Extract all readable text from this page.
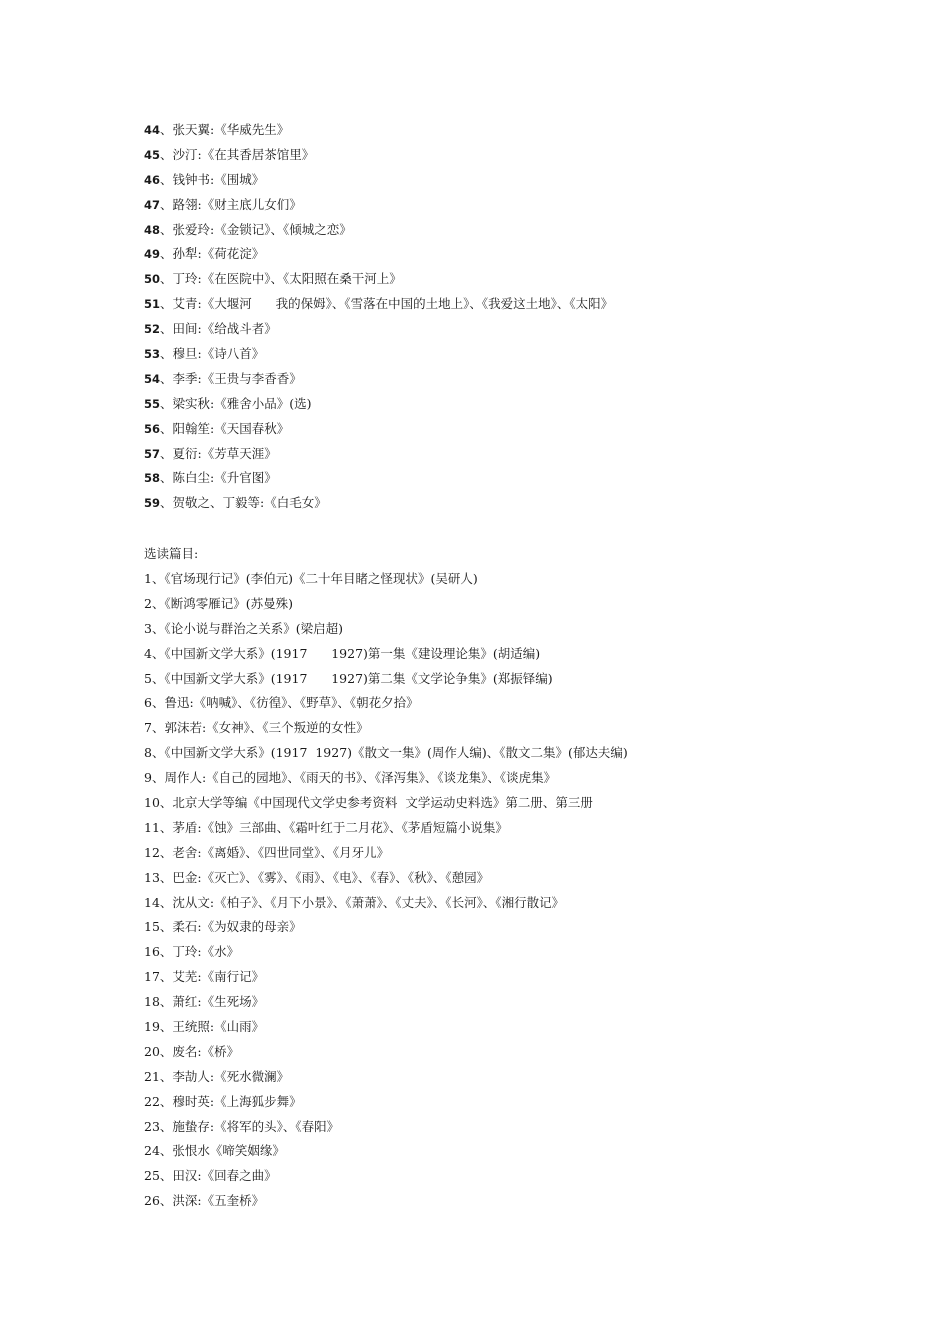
44、张天翼:《华威先生》
45、沙汀:《在其香居茶馆里》
46、钱钟书:《围城》
47、路翎:《财主底儿女们》
48、张爱玲:《金锁记》、《倾城之恋》
49、孙犁:《荷花淀》
50、丁玲:《在医院中》、《太阳照在桑干河上》
51、艾青:《大堰河      我的保姆》、《雪落在中国的土地上》、《我爱这土地》、《太阳》
52、田间:《给战斗者》
53、穆旦:《诗八首》
54、李季:《王贵与李香香》
55、梁实秋:《雅舍小品》(选)
56、阳翰笙:《天国春秋》
57、夏衍:《芳草天涯》
58、陈白尘:《升官图》
59、贺敬之、丁毅等:《白毛女》
选读篇目:
1、《官场现行记》(李伯元)《二十年目睹之怪现状》(吴研人)
2、《断鸿零雁记》(苏曼殊)
3、《论小说与群治之关系》(梁启超)
4、《中国新文学大系》(1917      1927)第一集《建设理论集》(胡适编)
5、《中国新文学大系》(1917      1927)第二集《文学论争集》(郑振铎编)
6、鲁迅:《呐喊》、《彷徨》、《野草》、《朝花夕拾》
7、郭沫若:《女神》、《三个叛逆的女性》
8、《中国新文学大系》(1917  1927)《散文一集》(周作人编)、《散文二集》(郁达夫编)
9、周作人:《自己的园地》、《雨天的书》、《泽泻集》、《谈龙集》、《谈虎集》
10、北京大学等编《中国现代文学史参考资料  文学运动史料选》第二册、第三册
11、茅盾:《蚀》三部曲、《霜叶红于二月花》、《茅盾短篇小说集》
12、老舍:《离婚》、《四世同堂》、《月牙儿》
13、巴金:《灭亡》、《雾》、《雨》、《电》、《春》、《秋》、《憩园》
14、沈从文:《柏子》、《月下小景》、《萧萧》、《丈夫》、《长河》、《湘行散记》
15、柔石:《为奴隶的母亲》
16、丁玲:《水》
17、艾芜:《南行记》
18、萧红:《生死场》
19、王统照:《山雨》
20、废名:《桥》
21、李劼人:《死水微澜》
22、穆时英:《上海狐步舞》
23、施蛰存:《将军的头》、《春阳》
24、张恨水《啼笑姻缘》
25、田汉:《回春之曲》
26、洪深:《五奎桥》
